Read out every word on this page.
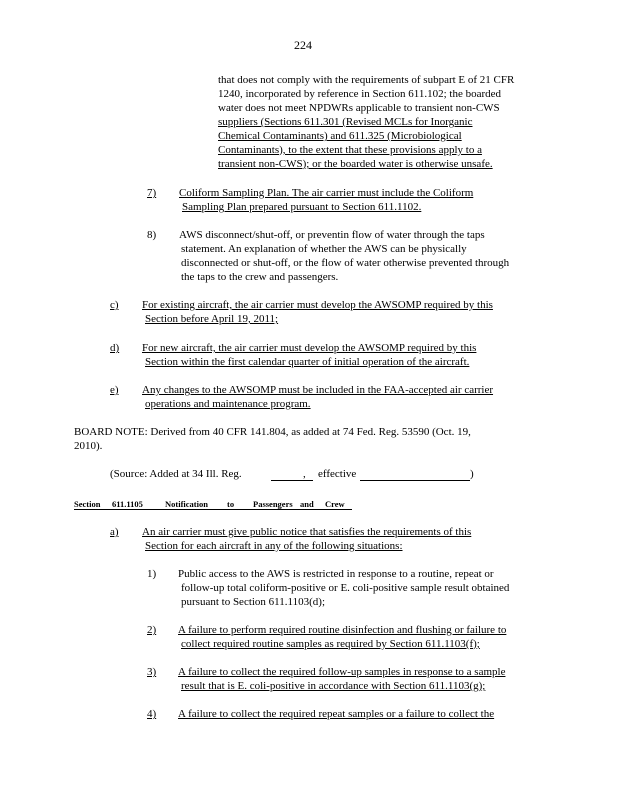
224
that does not comply with the requirements of subpart E of 21 CFR
1240, incorporated by reference in Section 611.102; the boarded
water does not meet NPDWRs applicable to transient non-CWS
suppliers (Sections 611.301 (Revised MCLs for Inorganic
Chemical Contaminants) and 611.325 (Microbiological
Contaminants), to the extent that these provisions apply to a
transient non-CWS); or the boarded water is otherwise unsafe.
7) Coliform Sampling Plan. The air carrier must include the Coliform
Sampling Plan prepared pursuant to Section 611.1102.
8) AWS disconnect/shut-off, or preventin flow of water through the taps
statement. An explanation of whether the AWS can be physically
disconnected or shut-off, or the flow of water otherwise prevented through
the taps to the crew and passengers.
c) For existing aircraft, the air carrier must develop the AWSOMP required by this
Section before April 19, 2011;
d) For new aircraft, the air carrier must develop the AWSOMP required by this
Section within the first calendar quarter of initial operation of the aircraft.
e) Any changes to the AWSOMP must be included in the FAA-accepted air carrier
operations and maintenance program.
BOARD NOTE: Derived from 40 CFR 141.804, as added at 74 Fed. Reg. 53590 (Oct. 19,
2010).
(Source: Added at 34 Ill. Reg.	, effective	)
Section 611.1105	Notification to Passengers and Crew
a) An air carrier must give public notice that satisfies the requirements of this
Section for each aircraft in any of the following situations:
1) Public access to the AWS is restricted in response to a routine, repeat or
follow-up total coliform-positive or E. coli-positive sample result obtained
pursuant to Section 611.1103(d);
2) A failure to perform required routine disinfection and flushing or failure to
collect required routine samples as required by Section 611.1103(f);
3) A failure to collect the required follow-up samples in response to a sample
result that is E. coli-positive in accordance with Section 611.1103(g);
4) A failure to collect the required repeat samples or a failure to collect the
